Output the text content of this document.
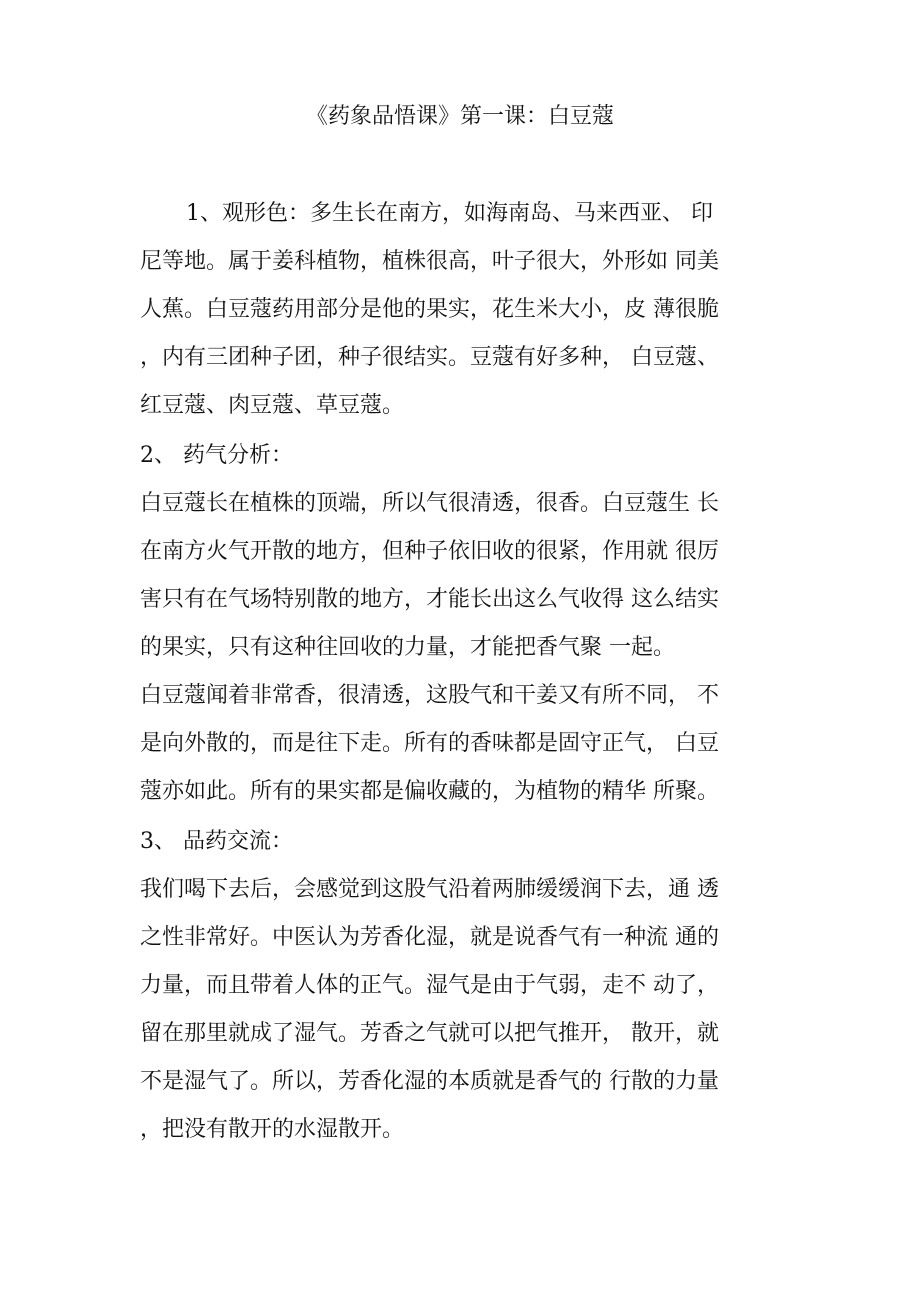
《药象品悟课》第一课：白豆蔻
1、观形色：多生长在南方，如海南岛、马来西亚、 印
尼等地。属于姜科植物，植株很高，叶子很大，外形如 同美
人蕉。白豆蔻药用部分是他的果实，花生米大小，皮 薄很脆
，内有三团种子团，种子很结实。豆蔻有好多种， 白豆蔻、
红豆蔻、肉豆蔻、草豆蔻。
2、 药气分析：
白豆蔻长在植株的顶端，所以气很清透，很香。白豆蔻生 长
在南方火气开散的地方，但种子依旧收的很紧，作用就 很厉
害只有在气场特别散的地方，才能长出这么气收得 这么结实
的果实，只有这种往回收的力量，才能把香气聚 一起。
白豆蔻闻着非常香，很清透，这股气和干姜又有所不同， 不
是向外散的，而是往下走。所有的香味都是固守正气， 白豆
蔻亦如此。所有的果实都是偏收藏的，为植物的精华 所聚。
3、 品药交流：
我们喝下去后，会感觉到这股气沿着两肺缓缓润下去，通 透
之性非常好。中医认为芳香化湿，就是说香气有一种流 通的
力量，而且带着人体的正气。湿气是由于气弱，走不 动了，
留在那里就成了湿气。芳香之气就可以把气推开， 散开，就
不是湿气了。所以，芳香化湿的本质就是香气的 行散的力量
，把没有散开的水湿散开。
